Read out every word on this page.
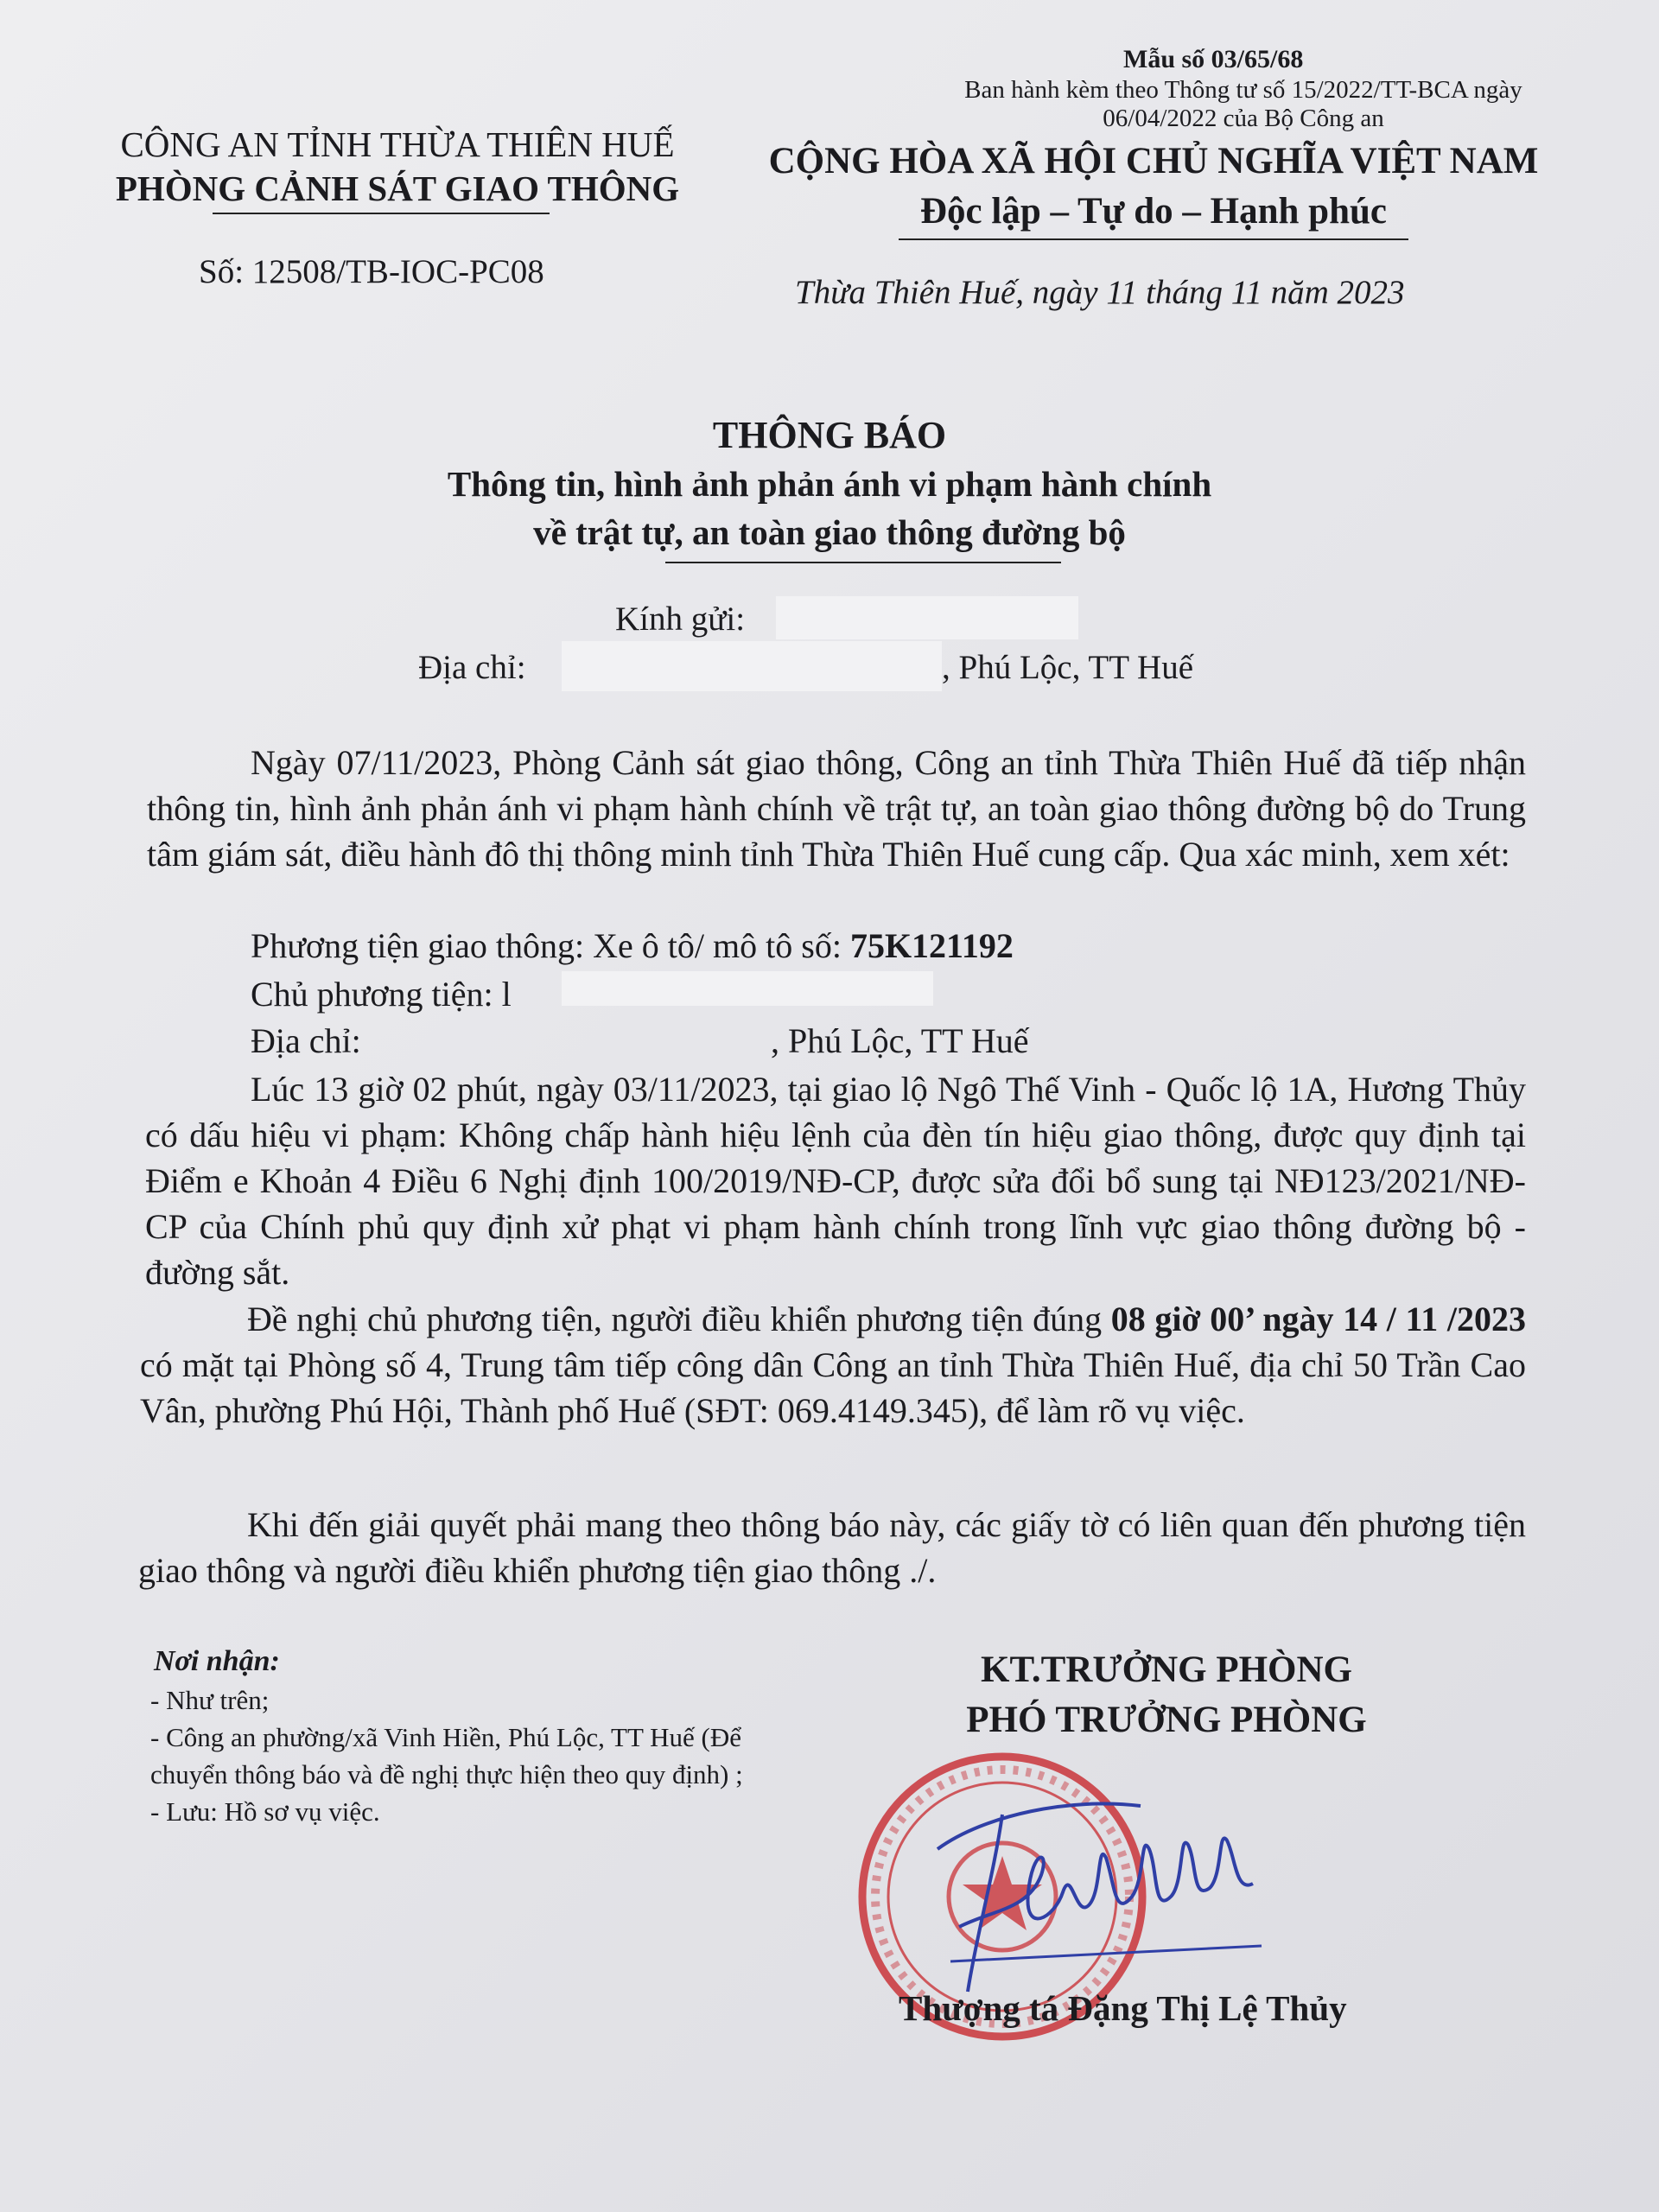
Mẫu số 03/65/68
Ban hành kèm theo Thông tư số 15/2022/TT-BCA ngày 06/04/2022 của Bộ Công an
CÔNG AN TỈNH THỪA THIÊN HUẾ
PHÒNG CẢNH SÁT GIAO THÔNG
Số: 12508/TB-IOC-PC08
CỘNG HÒA XÃ HỘI CHỦ NGHĨA VIỆT NAM
Độc lập – Tự do – Hạnh phúc
Thừa Thiên Huế, ngày 11 tháng 11 năm 2023
THÔNG BÁO
Thông tin, hình ảnh phản ánh vi phạm hành chính
về trật tự, an toàn giao thông đường bộ
Kính gửi:
Địa chỉ:	, Phú Lộc, TT Huế
Ngày 07/11/2023, Phòng Cảnh sát giao thông, Công an tỉnh Thừa Thiên Huế đã tiếp nhận thông tin, hình ảnh phản ánh vi phạm hành chính về trật tự, an toàn giao thông đường bộ do Trung tâm giám sát, điều hành đô thị thông minh tỉnh Thừa Thiên Huế cung cấp. Qua xác minh, xem xét:
Phương tiện giao thông: Xe ô tô/ mô tô số: 75K121192
Chủ phương tiện: l
Địa chỉ:	, Phú Lộc, TT Huế
Lúc 13 giờ 02 phút, ngày 03/11/2023, tại giao lộ Ngô Thế Vinh - Quốc lộ 1A, Hương Thủy có dấu hiệu vi phạm: Không chấp hành hiệu lệnh của đèn tín hiệu giao thông, được quy định tại Điểm e Khoản 4 Điều 6 Nghị định 100/2019/NĐ-CP, được sửa đổi bổ sung tại NĐ123/2021/NĐ-CP của Chính phủ quy định xử phạt vi phạm hành chính trong lĩnh vực giao thông đường bộ - đường sắt.
Đề nghị chủ phương tiện, người điều khiển phương tiện đúng 08 giờ 00’ ngày 14 / 11 /2023 có mặt tại Phòng số 4, Trung tâm tiếp công dân Công an tỉnh Thừa Thiên Huế, địa chỉ 50 Trần Cao Vân, phường Phú Hội, Thành phố Huế (SĐT: 069.4149.345), để làm rõ vụ việc.
Khi đến giải quyết phải mang theo thông báo này, các giấy tờ có liên quan đến phương tiện giao thông và người điều khiển phương tiện giao thông ./.
Nơi nhận:
- Như trên;
- Công an phường/xã Vinh Hiền, Phú Lộc, TT Huế (Để chuyển thông báo và đề nghị thực hiện theo quy định) ;
- Lưu: Hồ sơ vụ việc.
KT.TRƯỞNG PHÒNG
PHÓ TRƯỞNG PHÒNG
Thượng tá Đặng Thị Lệ Thủy
